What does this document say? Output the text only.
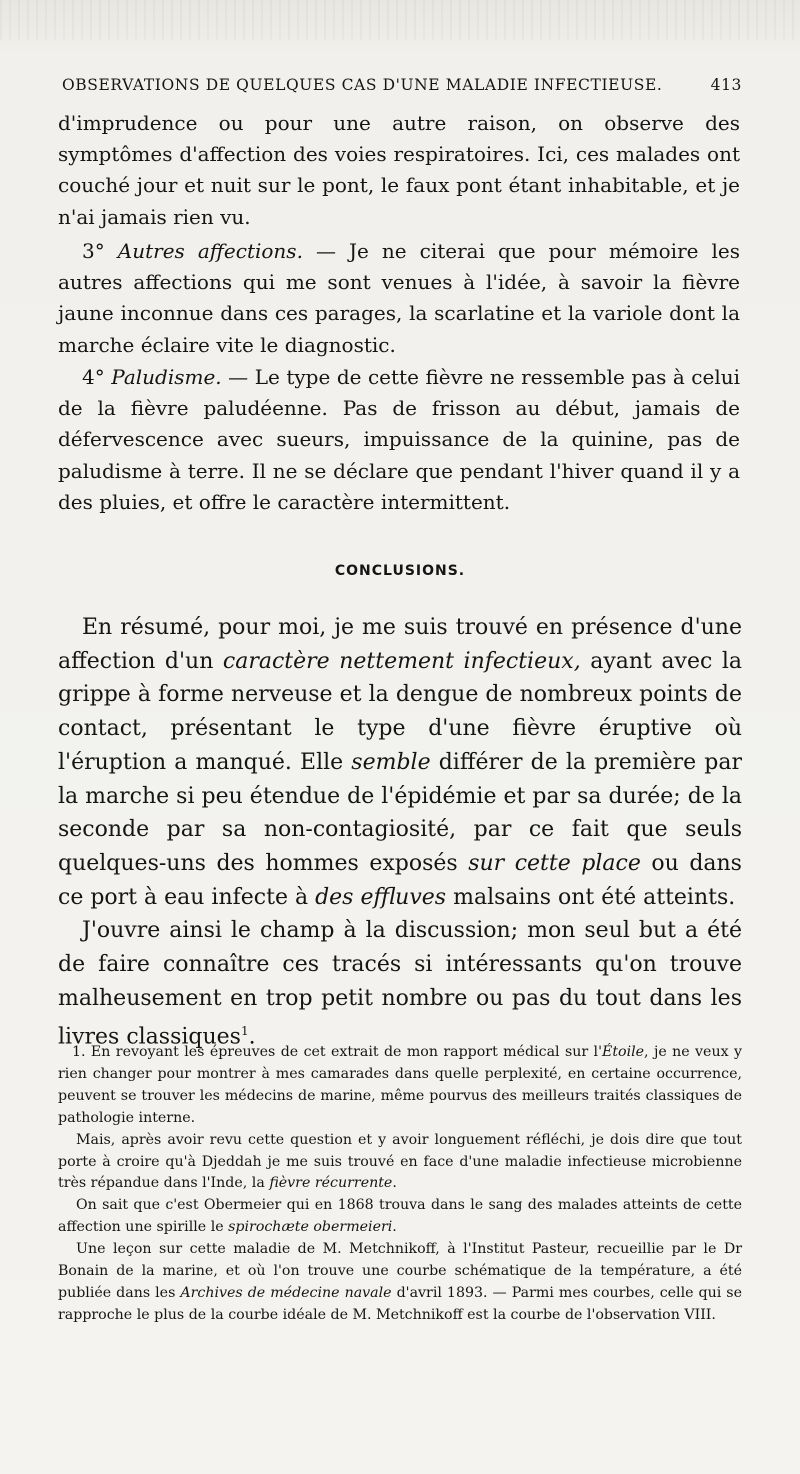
OBSERVATIONS DE QUELQUES CAS D'UNE MALADIE INFECTIEUSE.	413

d'imprudence ou pour une autre raison, on observe des symptômes d'affection des voies respiratoires. Ici, ces malades ont couché jour et nuit sur le pont, le faux pont étant inhabitable, et je n'ai jamais rien vu.

3° Autres affections. — Je ne citerai que pour mémoire les autres affections qui me sont venues à l'idée, à savoir la fièvre jaune inconnue dans ces parages, la scarlatine et la variole dont la marche éclaire vite le diagnostic.

4° Paludisme. — Le type de cette fièvre ne ressemble pas à celui de la fièvre paludéenne. Pas de frisson au début, jamais de défervescence avec sueurs, impuissance de la quinine, pas de paludisme à terre. Il ne se déclare que pendant l'hiver quand il y a des pluies, et offre le caractère intermittent.

CONCLUSIONS.

En résumé, pour moi, je me suis trouvé en présence d'une affection d'un caractère nettement infectieux, ayant avec la grippe à forme nerveuse et la dengue de nombreux points de contact, présentant le type d'une fièvre éruptive où l'éruption a manqué. Elle semble différer de la première par la marche si peu étendue de l'épidémie et par sa durée; de la seconde par sa non-contagiosité, par ce fait que seuls quelques-uns des hommes exposés sur cette place ou dans ce port à eau infecte à des effluves malsains ont été atteints.

J'ouvre ainsi le champ à la discussion; mon seul but a été de faire connaître ces tracés si intéressants qu'on trouve malheusement en trop petit nombre ou pas du tout dans les livres classiques$^1$.

1. En revoyant les épreuves de cet extrait de mon rapport médical sur l'Étoile, je ne veux y rien changer pour montrer à mes camarades dans quelle perplexité, en certaine occurrence, peuvent se trouver les médecins de marine, même pourvus des meilleurs traités classiques de pathologie interne.

Mais, après avoir revu cette question et y avoir longuement réfléchi, je dois dire que tout porte à croire qu'à Djeddah je me suis trouvé en face d'une maladie infectieuse microbienne très répandue dans l'Inde, la fièvre récurrente.

On sait que c'est Obermeier qui en 1868 trouva dans le sang des malades atteints de cette affection une spirille le spirochæte obermeieri.

Une leçon sur cette maladie de M. Metchnikoff, à l'Institut Pasteur, recueillie par le Dr Bonain de la marine, et où l'on trouve une courbe schématique de la température, a été publiée dans les Archives de médecine navale d'avril 1893. — Parmi mes courbes, celle qui se rapproche le plus de la courbe idéale de M. Metchnikoff est la courbe de l'observation VIII.
